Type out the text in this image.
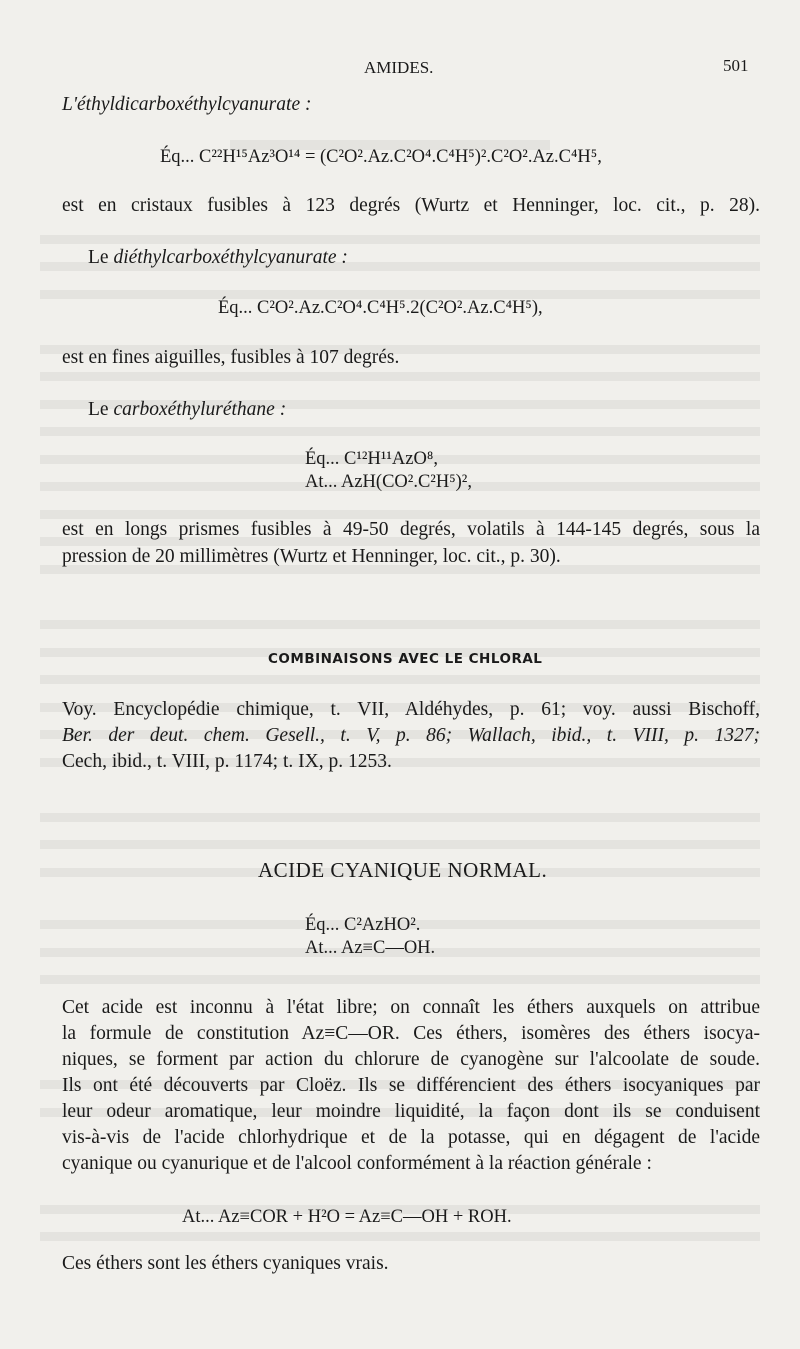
AMIDES.	501
L'éthyldicarboxéthylcyanurate :
Éq... C²²H¹⁵Az³O¹⁴ = (C²O².Az.C²O⁴.C⁴H⁵)².C²O².Az.C⁴H⁵,
est en cristaux fusibles à 123 degrés (Wurtz et Henninger, loc. cit., p. 28).
Le diéthylcarboxéthylcyanurate :
Éq... C²O².Az.C²O⁴.C⁴H⁵.2(C²O².Az.C⁴H⁵),
est en fines aiguilles, fusibles à 107 degrés.
Le carboxéthyluréthane :
Éq... C¹²H¹¹AzO⁸,
At... AzH(CO².C²H⁵)²,
est en longs prismes fusibles à 49-50 degrés, volatils à 144-145 degrés, sous la
pression de 20 millimètres (Wurtz et Henninger, loc. cit., p. 30).
COMBINAISONS AVEC LE CHLORAL
Voy. Encyclopédie chimique, t. VII, Aldéhydes, p. 61; voy. aussi Bischoff,
Ber. der deut. chem. Gesell., t. V, p. 86; Wallach, ibid., t. VIII, p. 1327;
Cech, ibid., t. VIII, p. 1174; t. IX, p. 1253.
ACIDE CYANIQUE NORMAL.
Éq... C²AzHO².
At... Az≡C—OH.
Cet acide est inconnu à l'état libre; on connaît les éthers auxquels on attribue
la formule de constitution Az≡C—OR. Ces éthers, isomères des éthers isocya-
niques, se forment par action du chlorure de cyanogène sur l'alcoolate de soude.
Ils ont été découverts par Cloëz. Ils se différencient des éthers isocyaniques par
leur odeur aromatique, leur moindre liquidité, la façon dont ils se conduisent
vis-à-vis de l'acide chlorhydrique et de la potasse, qui en dégagent de l'acide
cyanique ou cyanurique et de l'alcool conformément à la réaction générale :
At... Az≡COR + H²O = Az≡C—OH + ROH.
Ces éthers sont les éthers cyaniques vrais.
